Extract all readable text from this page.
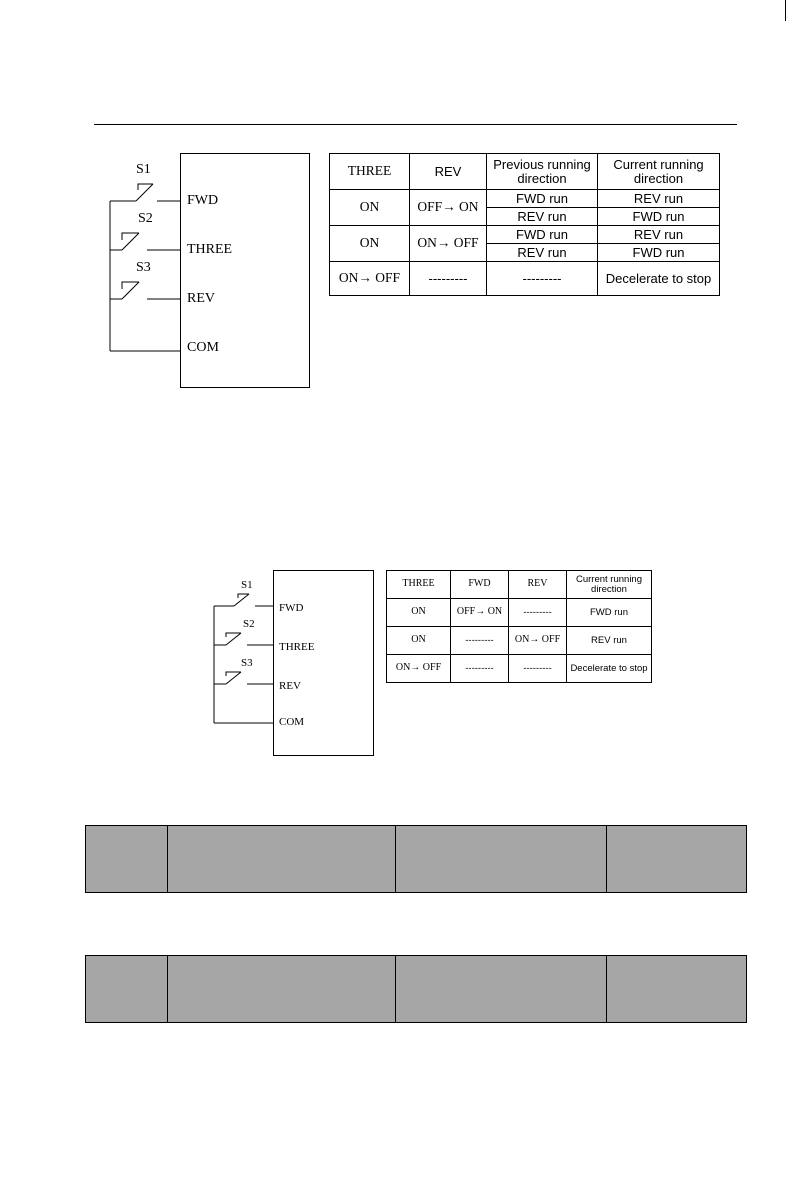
S1
S2
S3
FWD
THREE
REV
COM
THREE	REV	Previous running direction	Current running direction
ON	OFF→ ON	FWD run	REV run
		REV run	FWD run
ON	ON→ OFF	FWD run	REV run
		REV run	FWD run
ON→ OFF	---------	---------	Decelerate to stop
S1
S2
S3
FWD
THREE
REV
COM
THREE	FWD	REV	Current running direction
ON	OFF→ ON	---------	FWD run
ON	---------	ON→ OFF	REV run
ON→ OFF	---------	---------	Decelerate to stop
